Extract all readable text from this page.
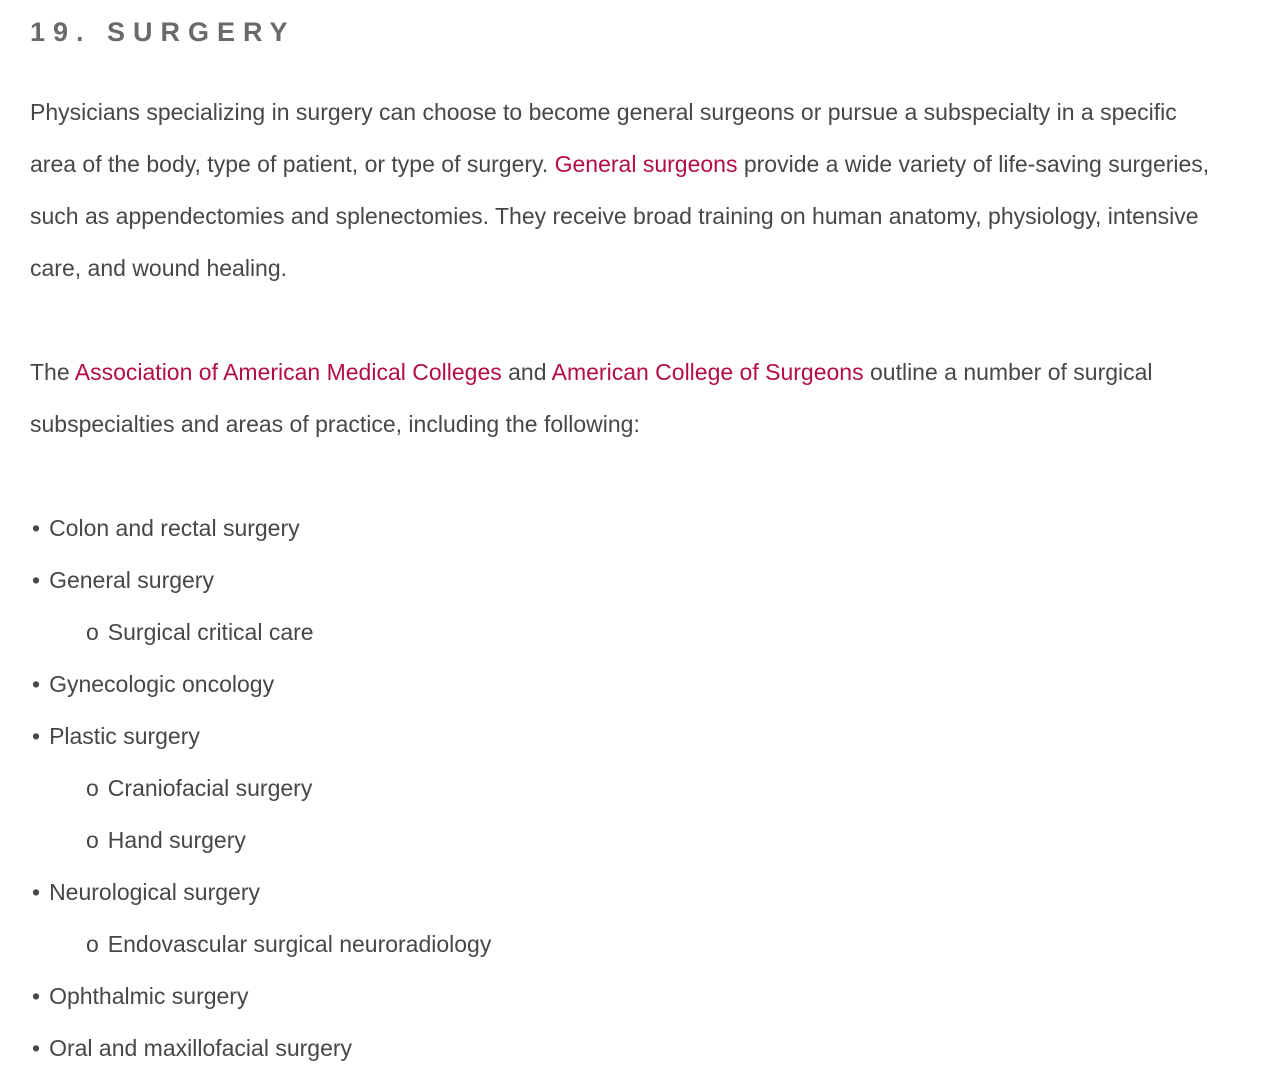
19. SURGERY

Physicians specializing in surgery can choose to become general surgeons or pursue a subspecialty in a specific area of the body, type of patient, or type of surgery. General surgeons provide a wide variety of life-saving surgeries, such as appendectomies and splenectomies. They receive broad training on human anatomy, physiology, intensive care, and wound healing.

The Association of American Medical Colleges and American College of Surgeons outline a number of surgical subspecialties and areas of practice, including the following:

• Colon and rectal surgery
• General surgery
o Surgical critical care
• Gynecologic oncology
• Plastic surgery
o Craniofacial surgery
o Hand surgery
• Neurological surgery
o Endovascular surgical neuroradiology
• Ophthalmic surgery
• Oral and maxillofacial surgery
